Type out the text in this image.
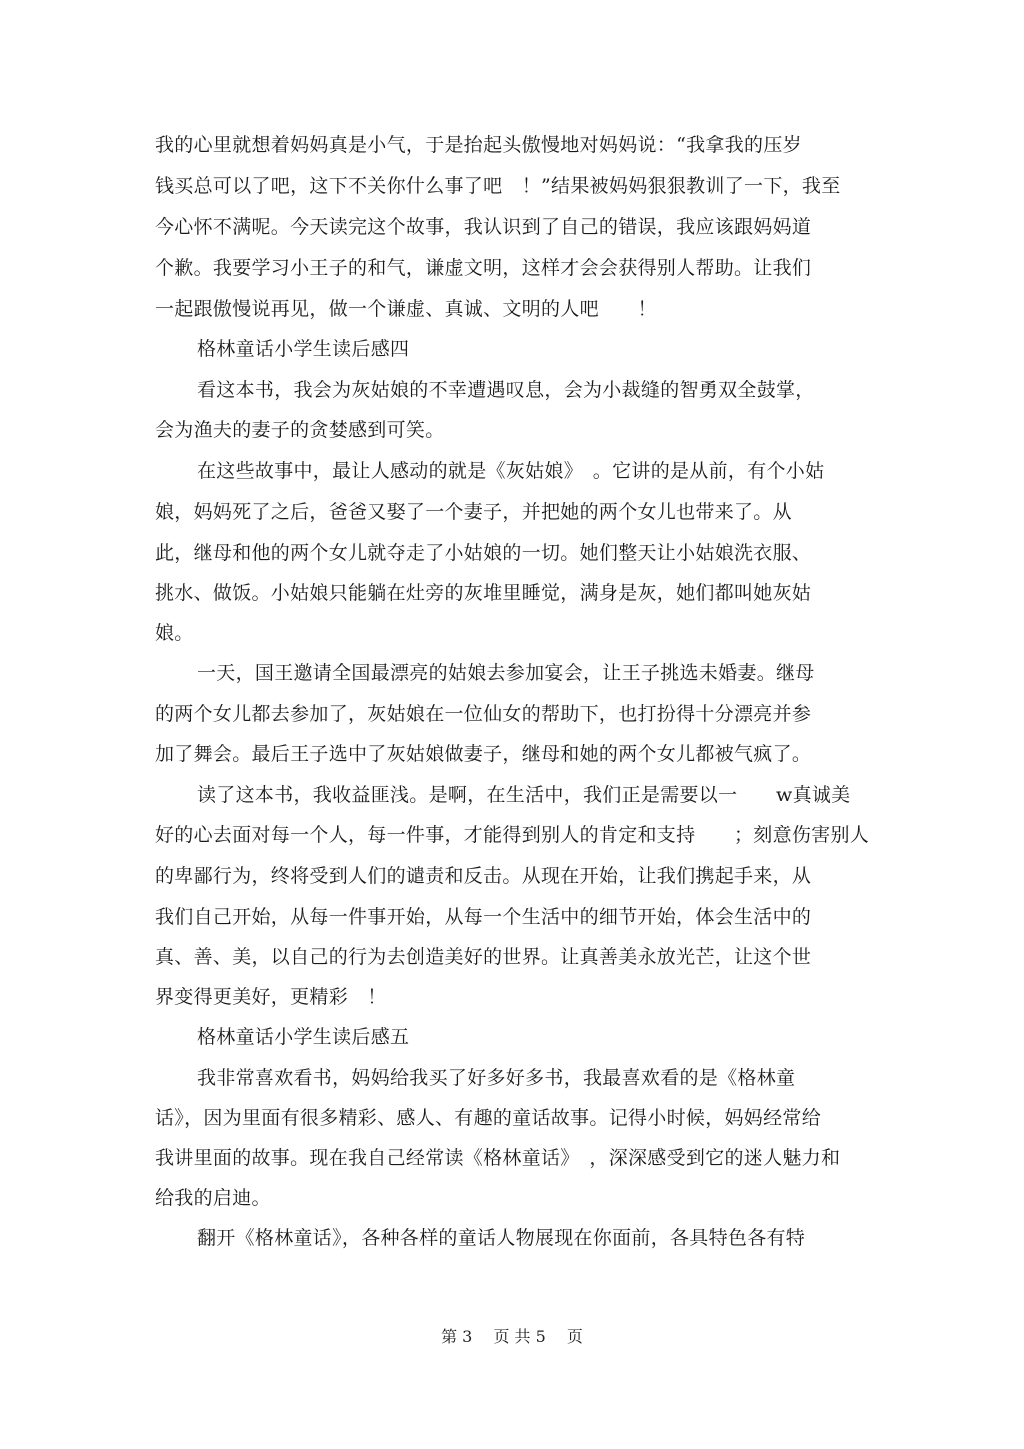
我的心里就想着妈妈真是小气，于是抬起头傲慢地对妈妈说：“我拿我的压岁
钱买总可以了吧，这下不关你什么事了吧　！”结果被妈妈狠狠教训了一下，我至
今心怀不满呢。今天读完这个故事，我认识到了自己的错误，我应该跟妈妈道
个歉。我要学习小王子的和气，谦虚文明，这样才会会获得别人帮助。让我们
一起跟傲慢说再见，做一个谦虚、真诚、文明的人吧　　！
格林童话小学生读后感四
看这本书，我会为灰姑娘的不幸遭遇叹息，会为小裁缝的智勇双全鼓掌，
会为渔夫的妻子的贪婪感到可笑。
在这些故事中，最让人感动的就是《灰姑娘》　。它讲的是从前，有个小姑
娘，妈妈死了之后，爸爸又娶了一个妻子，并把她的两个女儿也带来了。从
此，继母和他的两个女儿就夺走了小姑娘的一切。她们整天让小姑娘洗衣服、
挑水、做饭。小姑娘只能躺在灶旁的灰堆里睡觉，满身是灰，她们都叫她灰姑
娘。
一天，国王邀请全国最漂亮的姑娘去参加宴会，让王子挑选未婚妻。继母
的两个女儿都去参加了，灰姑娘在一位仙女的帮助下，也打扮得十分漂亮并参
加了舞会。最后王子选中了灰姑娘做妻子，继母和她的两个女儿都被气疯了。
读了这本书，我收益匪浅。是啊，在生活中，我们正是需要以一　　w真诚美
好的心去面对每一个人，每一件事，才能得到别人的肯定和支持　　；刻意伤害别人
的卑鄙行为，终将受到人们的谴责和反击。从现在开始，让我们携起手来，从
我们自己开始，从每一件事开始，从每一个生活中的细节开始，体会生活中的
真、善、美，以自己的行为去创造美好的世界。让真善美永放光芒，让这个世
界变得更美好，更精彩　！
格林童话小学生读后感五
我非常喜欢看书，妈妈给我买了好多好多书，我最喜欢看的是《格林童
话》，因为里面有很多精彩、感人、有趣的童话故事。记得小时候，妈妈经常给
我讲里面的故事。现在我自己经常读《格林童话》　，深深感受到它的迷人魅力和
给我的启迪。
翻开《格林童话》，各种各样的童话人物展现在你面前，各具特色各有特
第 3　 页 共 5　 页
